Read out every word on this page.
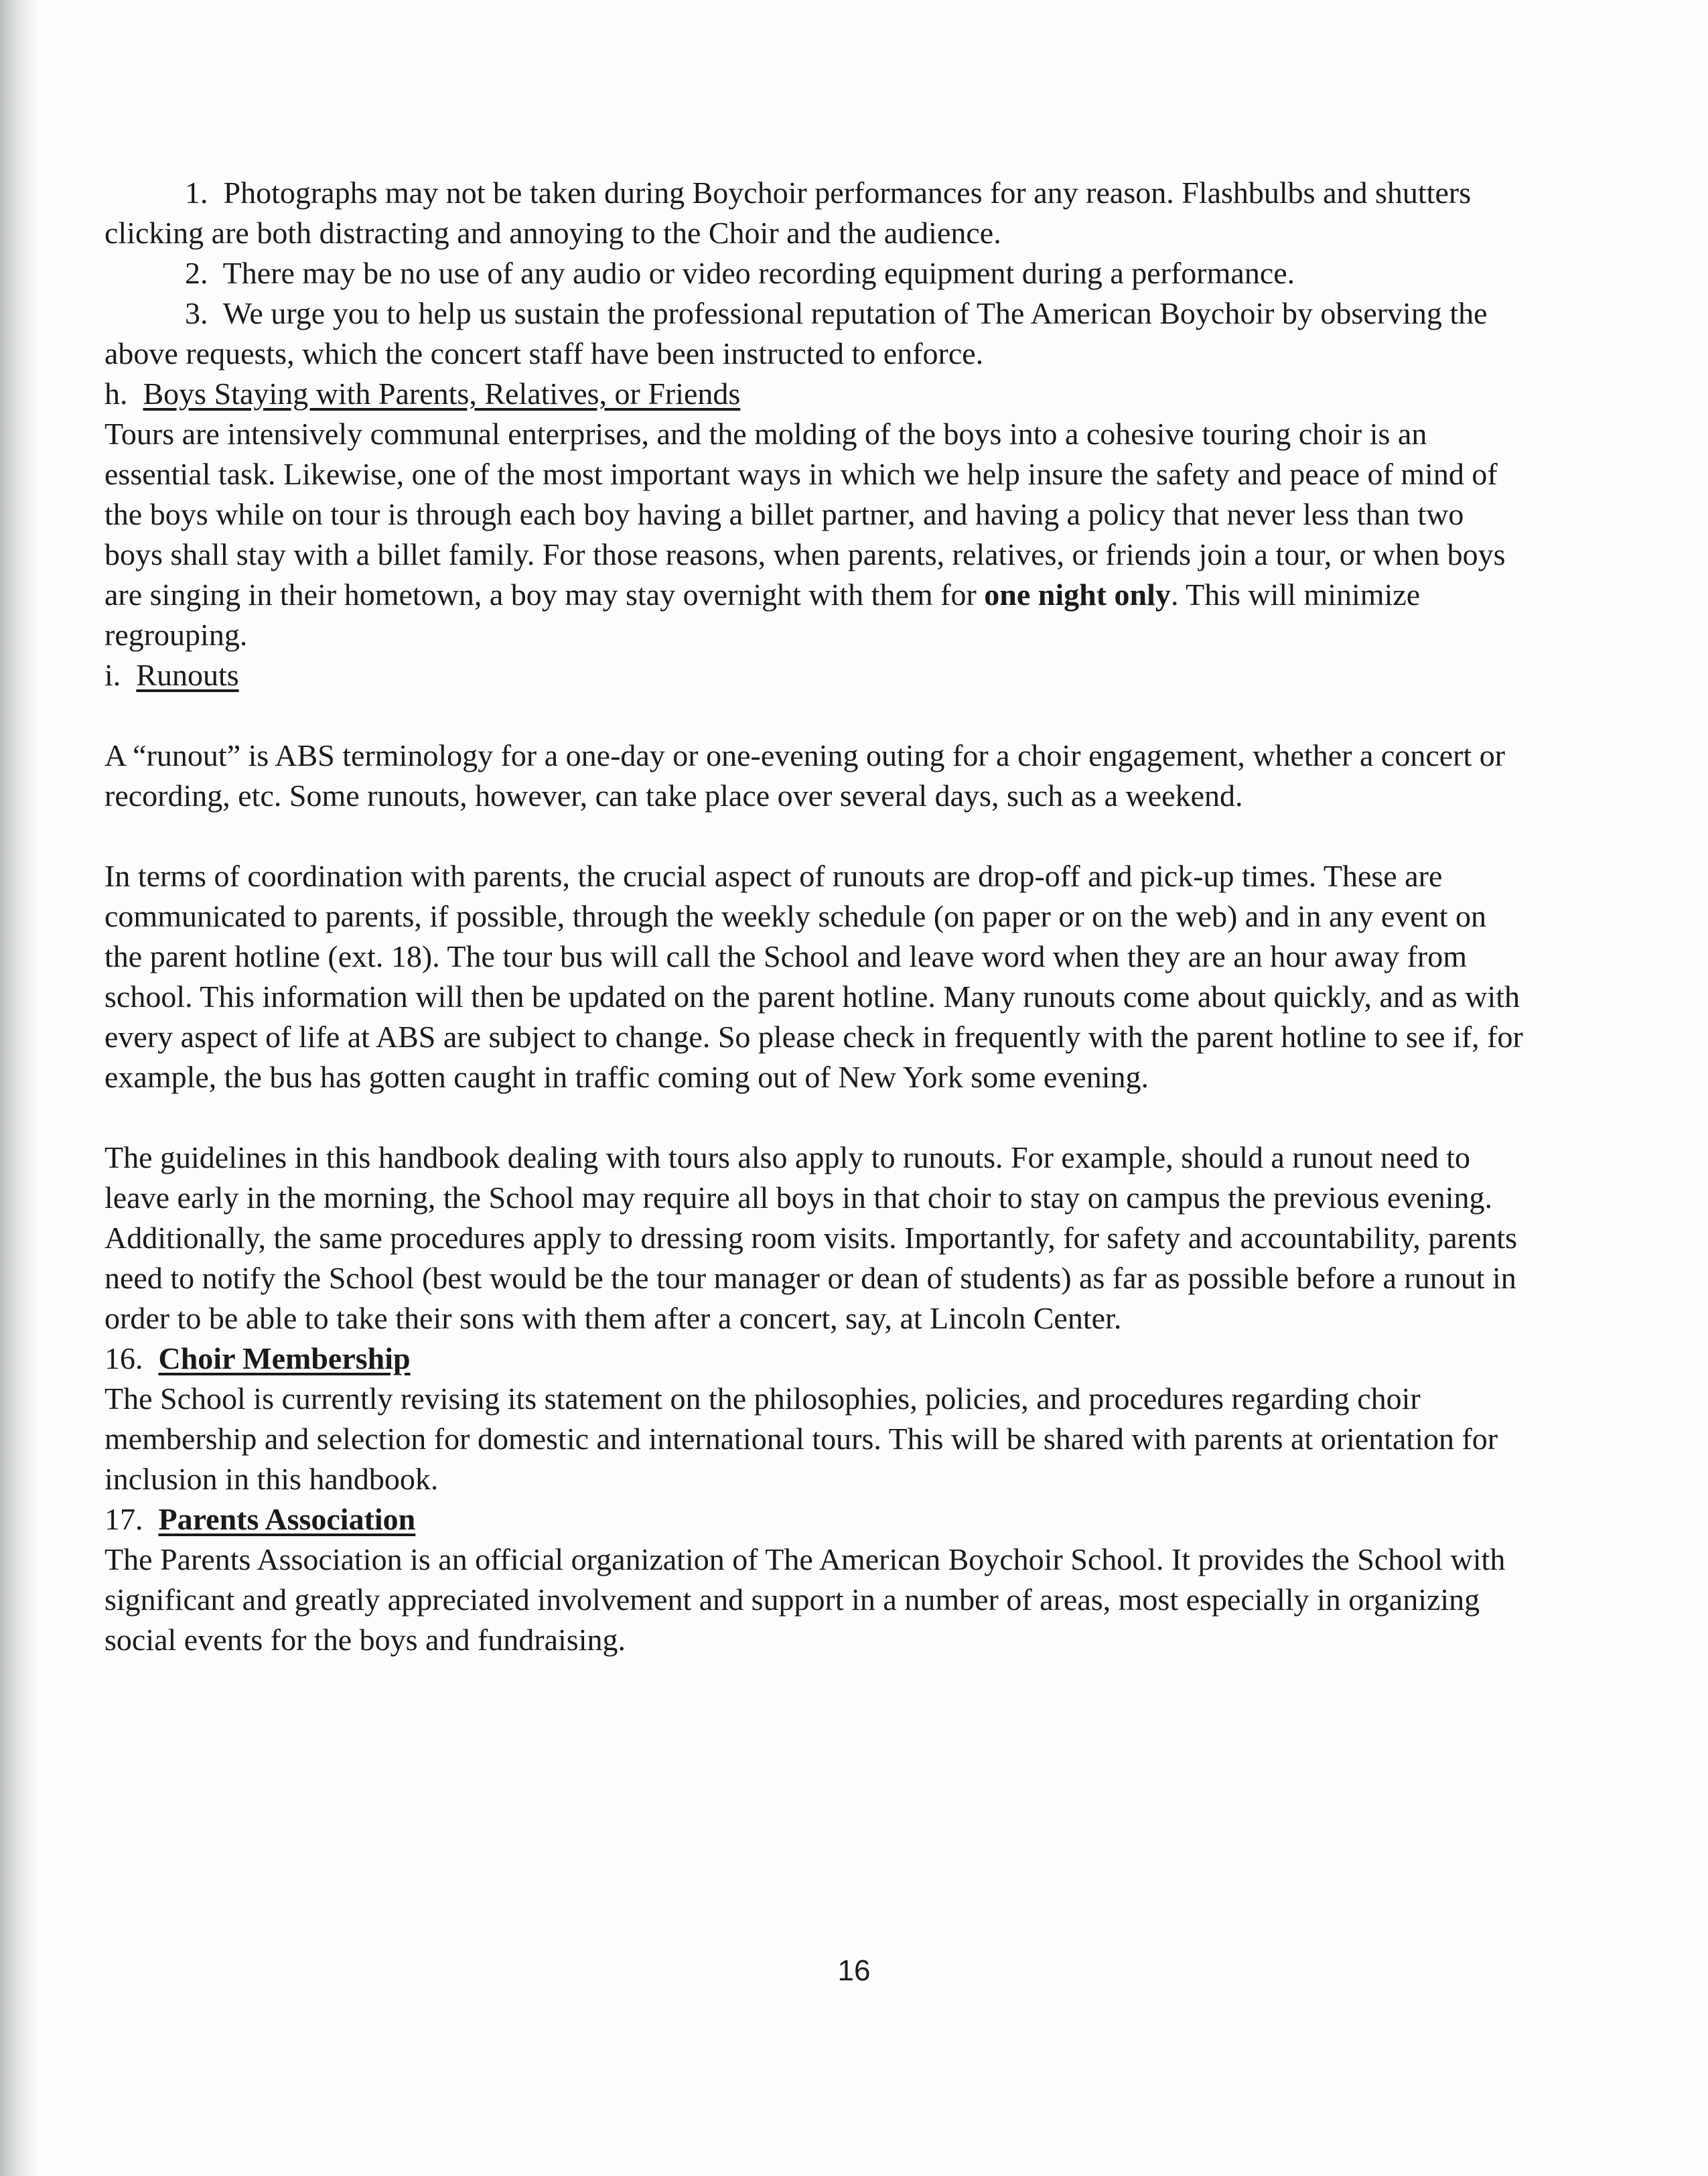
1. Photographs may not be taken during Boychoir performances for any reason. Flashbulbs and shutters clicking are both distracting and annoying to the Choir and the audience.

2. There may be no use of any audio or video recording equipment during a performance.

3. We urge you to help us sustain the professional reputation of The American Boychoir by observing the above requests, which the concert staff have been instructed to enforce.

h. Boys Staying with Parents, Relatives, or Friends

Tours are intensively communal enterprises, and the molding of the boys into a cohesive touring choir is an essential task. Likewise, one of the most important ways in which we help insure the safety and peace of mind of the boys while on tour is through each boy having a billet partner, and having a policy that never less than two boys shall stay with a billet family. For those reasons, when parents, relatives, or friends join a tour, or when boys are singing in their hometown, a boy may stay overnight with them for one night only. This will minimize regrouping.

i. Runouts

A “runout” is ABS terminology for a one-day or one-evening outing for a choir engagement, whether a concert or recording, etc. Some runouts, however, can take place over several days, such as a weekend.

In terms of coordination with parents, the crucial aspect of runouts are drop-off and pick-up times. These are communicated to parents, if possible, through the weekly schedule (on paper or on the web) and in any event on the parent hotline (ext. 18). The tour bus will call the School and leave word when they are an hour away from school. This information will then be updated on the parent hotline. Many runouts come about quickly, and as with every aspect of life at ABS are subject to change. So please check in frequently with the parent hotline to see if, for example, the bus has gotten caught in traffic coming out of New York some evening.

The guidelines in this handbook dealing with tours also apply to runouts. For example, should a runout need to leave early in the morning, the School may require all boys in that choir to stay on campus the previous evening. Additionally, the same procedures apply to dressing room visits. Importantly, for safety and accountability, parents need to notify the School (best would be the tour manager or dean of students) as far as possible before a runout in order to be able to take their sons with them after a concert, say, at Lincoln Center.

16. Choir Membership

The School is currently revising its statement on the philosophies, policies, and procedures regarding choir membership and selection for domestic and international tours. This will be shared with parents at orientation for inclusion in this handbook.

17. Parents Association

The Parents Association is an official organization of The American Boychoir School. It provides the School with significant and greatly appreciated involvement and support in a number of areas, most especially in organizing social events for the boys and fundraising.

16
